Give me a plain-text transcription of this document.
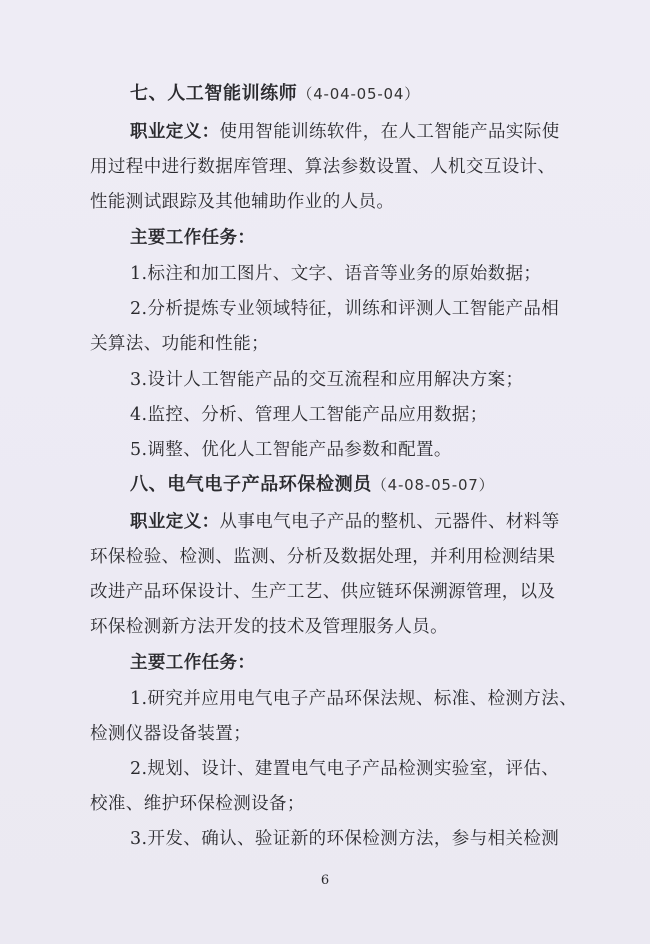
七、人工智能训练师（4-04-05-04）
职业定义：使用智能训练软件，在人工智能产品实际使
用过程中进行数据库管理、算法参数设置、人机交互设计、
性能测试跟踪及其他辅助作业的人员。
主要工作任务：
1.标注和加工图片、文字、语音等业务的原始数据；
2.分析提炼专业领域特征，训练和评测人工智能产品相
关算法、功能和性能；
3.设计人工智能产品的交互流程和应用解决方案；
4.监控、分析、管理人工智能产品应用数据；
5.调整、优化人工智能产品参数和配置。
八、电气电子产品环保检测员（4-08-05-07）
职业定义：从事电气电子产品的整机、元器件、材料等
环保检验、检测、监测、分析及数据处理，并利用检测结果
改进产品环保设计、生产工艺、供应链环保溯源管理，以及
环保检测新方法开发的技术及管理服务人员。
主要工作任务：
1.研究并应用电气电子产品环保法规、标准、检测方法、
检测仪器设备装置；
2.规划、设计、建置电气电子产品检测实验室，评估、
校准、维护环保检测设备；
3.开发、确认、验证新的环保检测方法，参与相关检测
6
